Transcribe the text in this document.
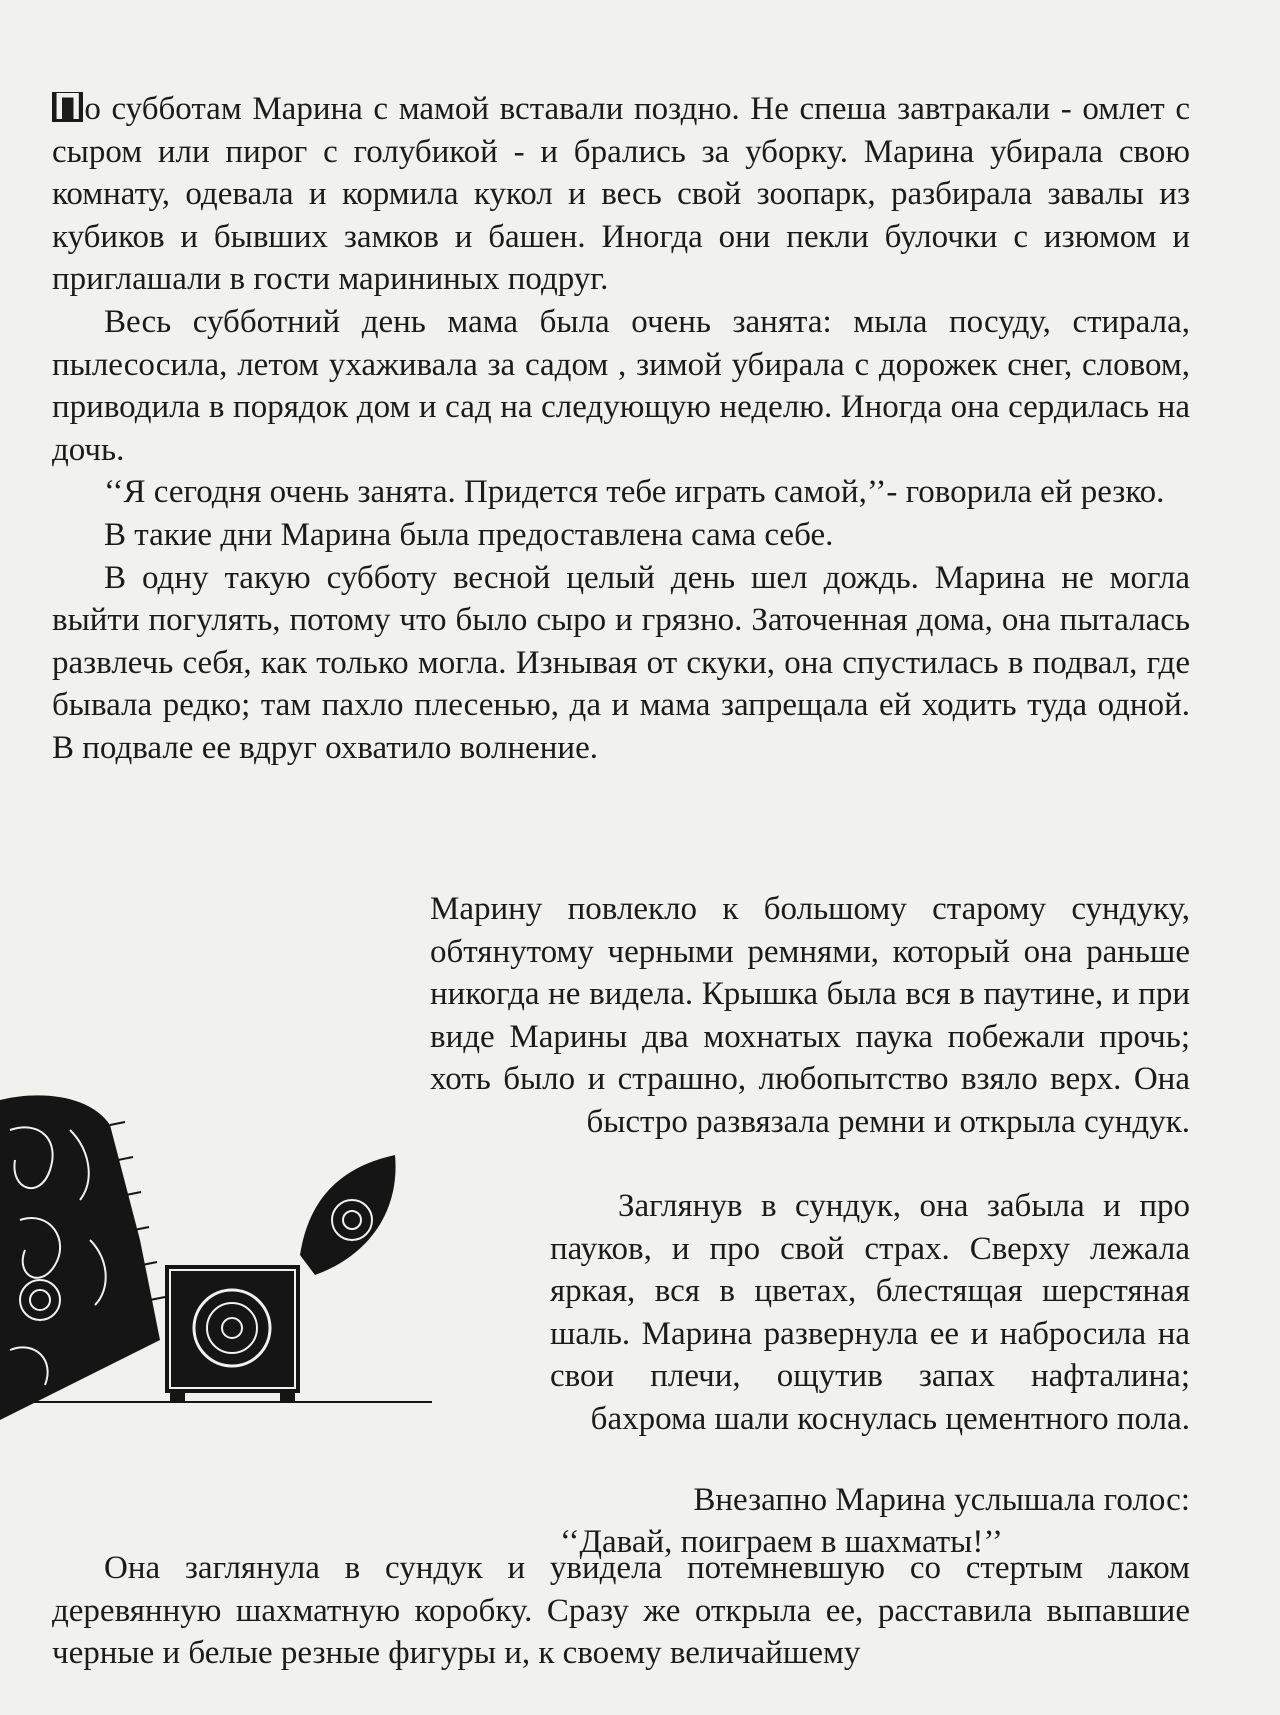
По субботам Марина с мамой вставали поздно. Не спеша завтракали - омлет с сыром или пирог с голубикой - и брались за уборку. Марина убирала свою комнату, одевала и кормила кукол и весь свой зоопарк, разбирала завалы из кубиков и бывших замков и башен. Иногда они пекли булочки с изюмом и приглашали в гости марининых подруг.

Весь субботний день мама была очень занята: мыла посуду, стирала, пылесосила, летом ухаживала за садом , зимой убирала с дорожек снег, словом, приводила в порядок дом и сад на следующую неделю. Иногда она сердилась на дочь.

‘‘Я сегодня очень занята. Придется тебе играть самой,’’- говорила ей резко.

В такие дни Марина была предоставлена сама себе.

В одну такую субботу весной целый день шел дождь. Марина не могла выйти погулять, потому что было сыро и грязно. Заточенная дома, она пыталась развлечь себя, как только могла. Изнывая от скуки, она спустилась в подвал, где бывала редко; там пахло плесенью, да и мама запрещала ей ходить туда одной. В подвале ее вдруг охватило волнение.

Марину повлекло к большому старому сундуку, обтянутому черными ремнями, который она раньше никогда не видела. Крышка была вся в паутине, и при виде Марины два мохнатых паука побежали прочь; хоть было и страшно, любопытство взяло верх. Она быстро развязала ремни и открыла сундук.

Заглянув в сундук, она забыла и про пауков, и про свой страх. Сверху лежала яркая, вся в цветах, блестящая шерстяная шаль. Марина развернула ее и набросила на свои плечи, ощутив запах нафталина; бахрома шали коснулась цементного пола.

Внезапно Марина услышала голос:

‘‘Давай, поиграем в шахматы!’’

Она заглянула в сундук и увидела потемневшую со стертым лаком деревянную шахматную коробку. Сразу же открыла ее, расставила выпавшие черные и белые резные фигуры и, к своему величайшему
